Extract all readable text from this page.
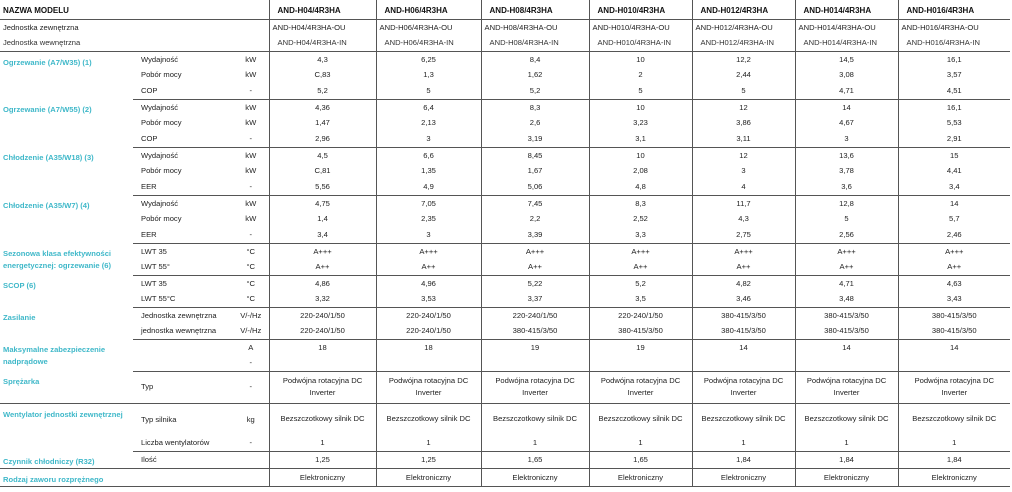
NAZWA MODELU			AND-H04/4R3HA	AND-H06/4R3HA	AND-H08/4R3HA	AND-H010/4R3HA	AND-H012/4R3HA	AND-H014/4R3HA	AND-H016/4R3HA
Jednostka zewnętrzna			AND-H04/4R3HA-OU	AND-H06/4R3HA-OU	AND-H08/4R3HA-OU	AND-H010/4R3HA-OU	AND-H012/4R3HA-OU	AND-H014/4R3HA-OU	AND-H016/4R3HA-OU
Jednostka wewnętrzna			AND-H04/4R3HA-IN	AND-H06/4R3HA-IN	AND-H08/4R3HA-IN	AND-H010/4R3HA-IN	AND-H012/4R3HA-IN	AND-H014/4R3HA-IN	AND-H016/4R3HA-IN
Ogrzewanie (A7/W35) (1)	Wydajność	kW	4,3	6,25	8,4	10	12,2	14,5	16,1
	Pobór mocy	kW	C,83	1,3	1,62	2	2,44	3,08	3,57
	COP	-	5,2	5	5,2	5	5	4,71	4,51
Ogrzewanie (A7/W55) (2)	Wydajność	kW	4,36	6,4	8,3	10	12	14	16,1
	Pobór mocy	kW	1,47	2,13	2,6	3,23	3,86	4,67	5,53
	COP	-	2,96	3	3,19	3,1	3,11	3	2,91
Chłodzenie (A35/W18) (3)	Wydajność	kW	4,5	6,6	8,45	10	12	13,6	15
	Pobór mocy	kW	C,81	1,35	1,67	2,08	3	3,78	4,41
	EER	-	5,56	4,9	5,06	4,8	4	3,6	3,4
Chłodzenie (A35/W7) (4)	Wydajność	kW	4,75	7,05	7,45	8,3	11,7	12,8	14
	Pobór mocy	kW	1,4	2,35	2,2	2,52	4,3	5	5,7
	EER	-	3,4	3	3,39	3,3	2,75	2,56	2,46
Sezonowa klasa efektywności energetycznej: ogrzewanie (6)	LWT 35	°C	A+++	A+++	A+++	A+++	A+++	A+++	A+++
	LWT 55°	°C	A++	A++	A++	A++	A++	A++	A++
SCOP (6)	LWT 35	°C	4,86	4,96	5,22	5,2	4,82	4,71	4,63
	LWT 55°C	°C	3,32	3,53	3,37	3,5	3,46	3,48	3,43
Zasilanie	Jednostka zewnętrzna	V/-/Hz	220-240/1/50	220-240/1/50	220-240/1/50	220-240/1/50	380-415/3/50	380-415/3/50	380-415/3/50
	jednostka wewnętrzna	V/-/Hz	220-240/1/50	220-240/1/50	380-415/3/50	380-415/3/50	380-415/3/50	380-415/3/50	380-415/3/50
Maksymalne zabezpieczenie nadprądowe		A	18	18	19	19	14	14	14
		-							
Sprężarka	Typ	-	Podwójna rotacyjna DC Inverter	Podwójna rotacyjna DC Inverter	Podwójna rotacyjna DC Inverter	Podwójna rotacyjna DC Inverter	Podwójna rotacyjna DC Inverter	Podwójna rotacyjna DC Inverter	Podwójna rotacyjna DC Inverter
Wentylator jednostki zewnętrznej	Typ silnika	kg	Bezszczotkowy silnik DC	Bezszczotkowy silnik DC	Bezszczotkowy silnik DC	Bezszczotkowy silnik DC	Bezszczotkowy silnik DC	Bezszczotkowy silnik DC	Bezszczotkowy silnik DC
	Liczba wentylatorów	-	1	1	1	1	1	1	1
Czynnik chłodniczy (R32)	Ilość		1,25	1,25	1,65	1,65	1,84	1,84	1,84
Rodzaj zaworu rozprężnego			Elektroniczny	Elektroniczny	Elektroniczny	Elektroniczny	Elektroniczny	Elektroniczny	Elektroniczny
